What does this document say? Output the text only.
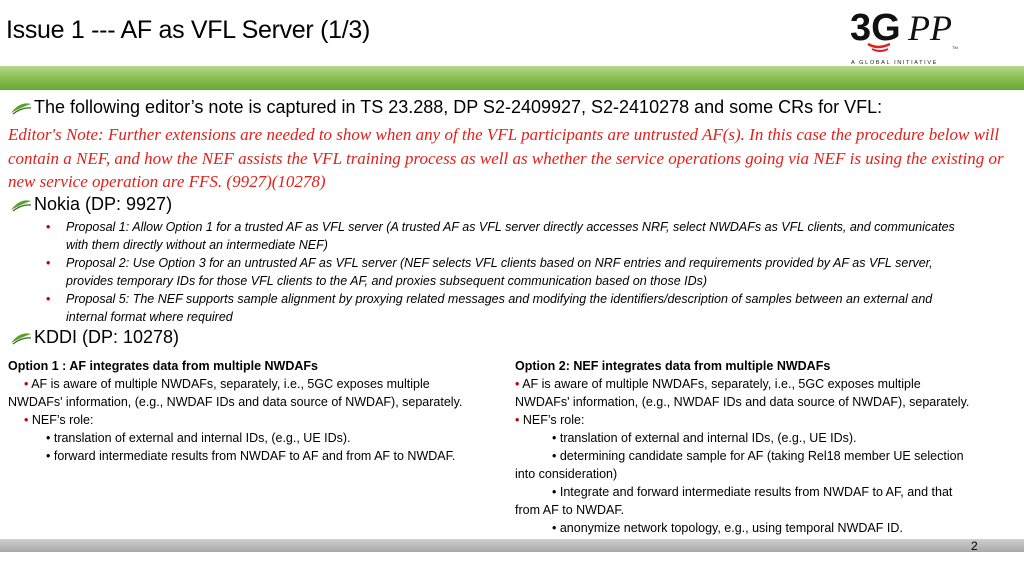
Issue 1 --- AF as VFL Server (1/3)	3G PP TM
A GLOBAL INITIATIVE
The following editor’s note is captured in TS 23.288, DP S2-2409927, S2-2410278 and some CRs for VFL:
Editor's Note: Further extensions are needed to show when any of the VFL participants are untrusted AF(s). In this case the procedure below will contain a NEF, and how the NEF assists the VFL training process as well as whether the service operations going via NEF is using the existing or new service operation are FFS. (9927)(10278)
Nokia (DP: 9927)
• Proposal 1: Allow Option 1 for a trusted AF as VFL server (A trusted AF as VFL server directly accesses NRF, select NWDAFs as VFL clients, and communicates
with them directly without an intermediate NEF)
• Proposal 2: Use Option 3 for an untrusted AF as VFL server (NEF selects VFL clients based on NRF entries and requirements provided by AF as VFL server,
provides temporary IDs for those VFL clients to the AF, and proxies subsequent communication based on those IDs)
• Proposal 5: The NEF supports sample alignment by proxying related messages and modifying the identifiers/description of samples between an external and
internal format where required
KDDI (DP: 10278)
Option 1 : AF integrates data from multiple NWDAFs
• AF is aware of multiple NWDAFs, separately, i.e., 5GC exposes multiple
NWDAFs' information, (e.g., NWDAF IDs and data source of NWDAF), separately.
• NEF’s role:
• translation of external and internal IDs, (e.g., UE IDs).
• forward intermediate results from NWDAF to AF and from AF to NWDAF.
Option 2: NEF integrates data from multiple NWDAFs
• AF is aware of multiple NWDAFs, separately, i.e., 5GC exposes multiple
NWDAFs' information, (e.g., NWDAF IDs and data source of NWDAF), separately.
• NEF’s role:
• translation of external and internal IDs, (e.g., UE IDs).
• determining candidate sample for AF (taking Rel18 member UE selection
into consideration)
• Integrate and forward intermediate results from NWDAF to AF, and that
from AF to NWDAF.
• anonymize network topology, e.g., using temporal NWDAF ID.
2
